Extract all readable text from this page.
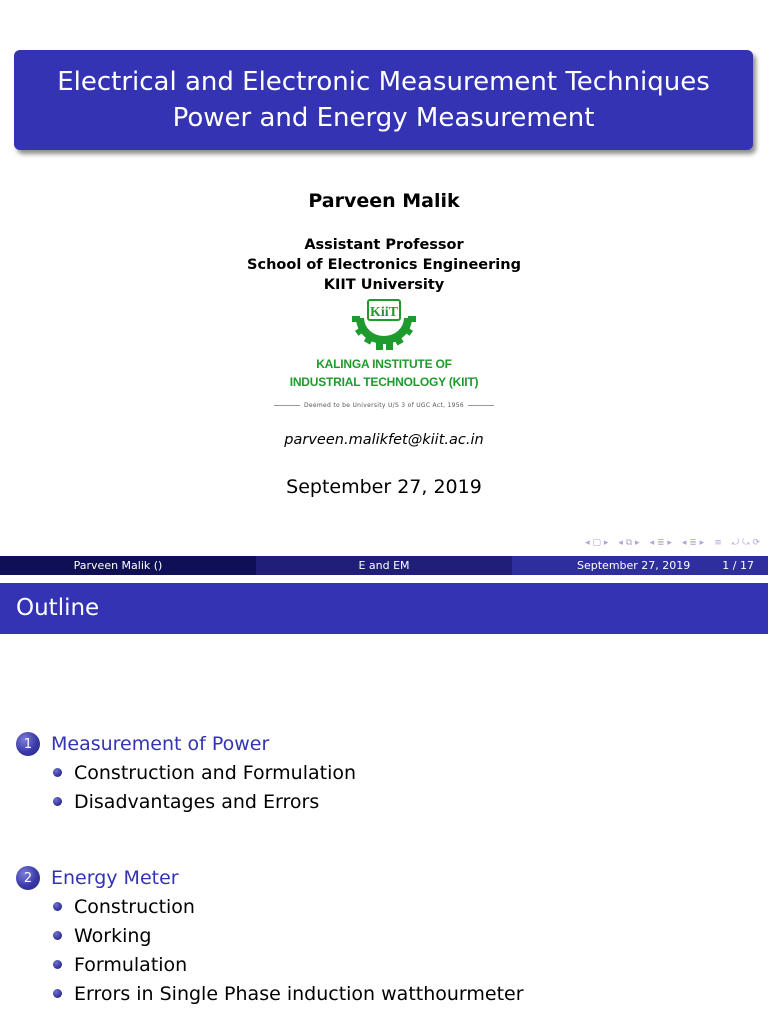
Electrical and Electronic Measurement Techniques
Power and Energy Measurement
Parveen Malik
Assistant Professor
School of Electronics Engineering
KIIT University
KiiT
KALINGA INSTITUTE OF
INDUSTRIAL TECHNOLOGY (KIIT)
Deemed to be University U/S 3 of UGC Act, 1956
parveen.malikfet@kiit.ac.in
September 27, 2019
◂ ▢ ▸ ◂ ⧉ ▸ ◂ ≣ ▸ ◂ ≣ ▸ ≡ ⤾ ⤿ ⟳
Parveen Malik ()	E and EM	September 27, 2019	1 / 17
Outline
1 Measurement of Power
Construction and Formulation
Disadvantages and Errors
2 Energy Meter
Construction
Working
Formulation
Errors in Single Phase induction watthourmeter
